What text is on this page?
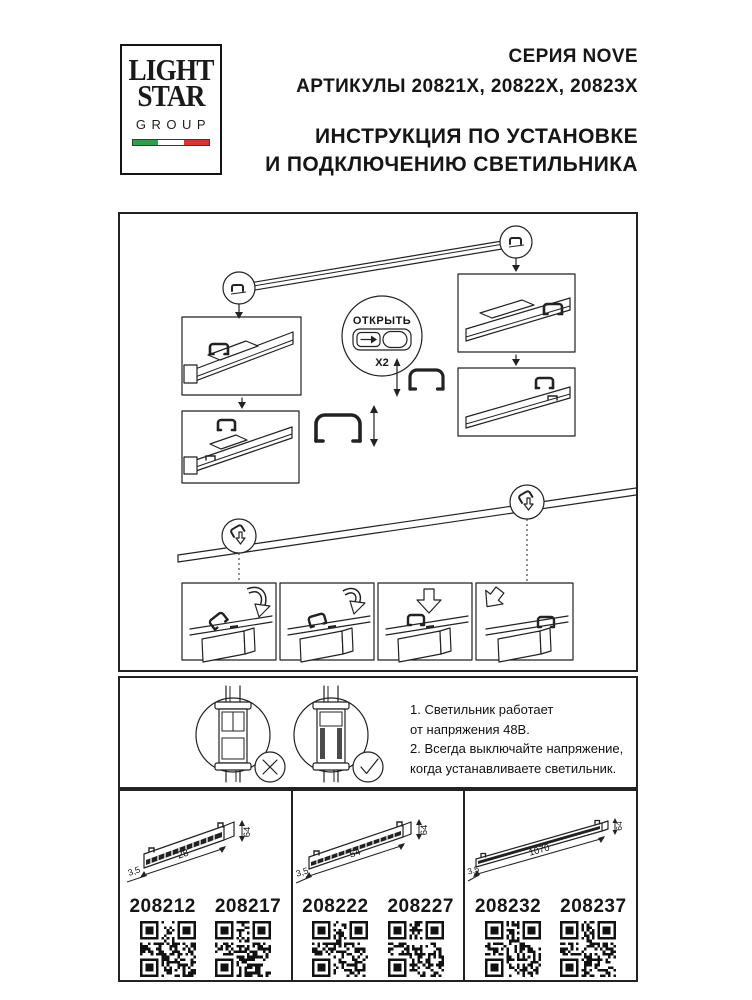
LIGHT
STAR
GROUP
СЕРИЯ NOVE
АРТИКУЛЫ 20821X, 20822X, 20823X
ИНСТРУКЦИЯ ПО УСТАНОВКЕ
И ПОДКЛЮЧЕНИЮ СВЕТИЛЬНИКА
ОТКРЫТЬ
X2
1. Светильник работает
от напряжения 48В.
2. Всегда выключайте напряжение,
когда устанавливаете светильник.
28
3,5
64
208212 208217
54
3,5
64
208222 208227
1070
3,5
64
208232 208237
